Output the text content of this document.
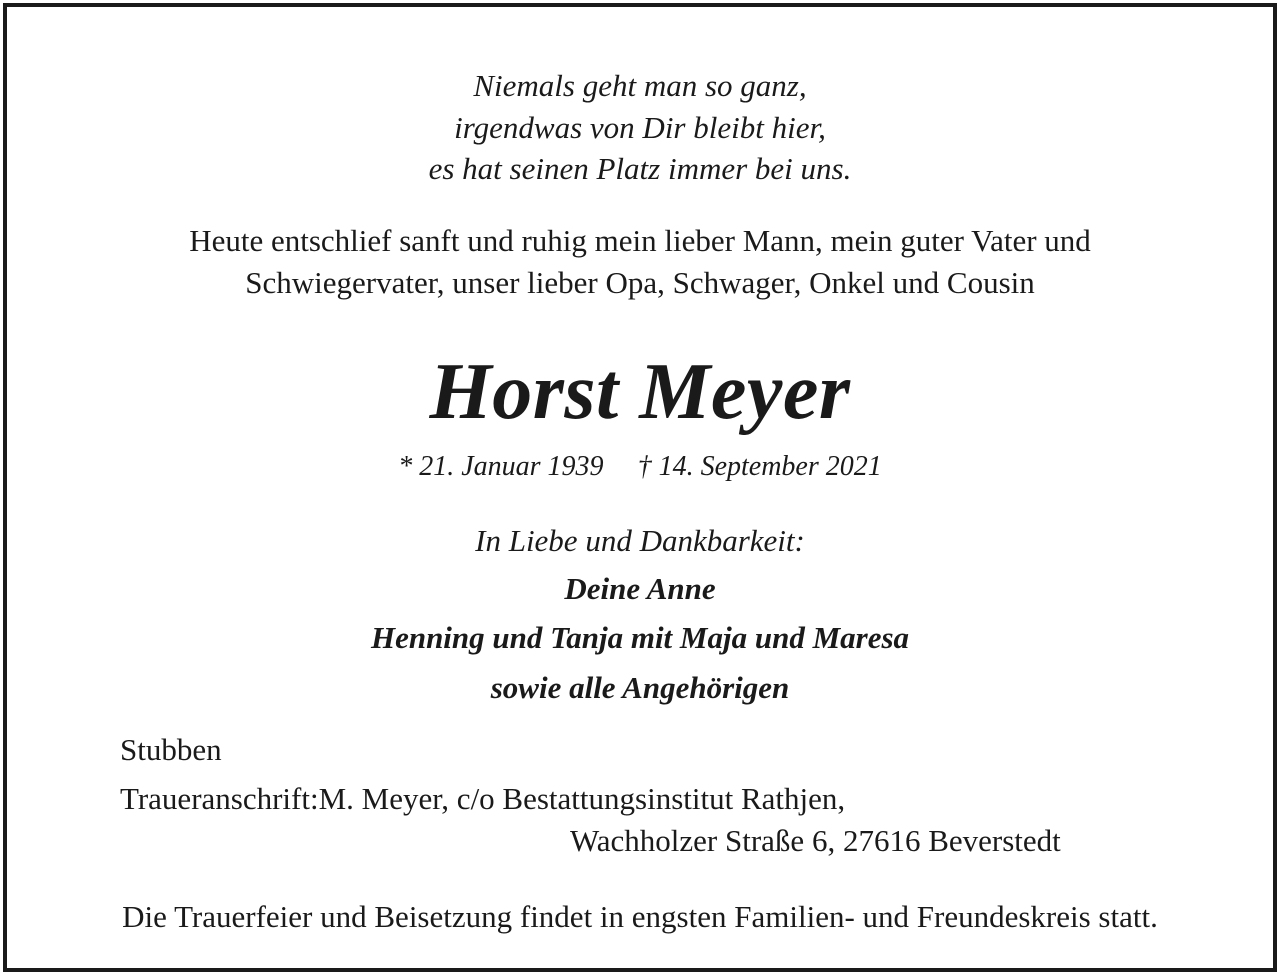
Niemals geht man so ganz,

irgendwas von Dir bleibt hier,

es hat seinen Platz immer bei uns.

Heute entschlief sanft und ruhig mein lieber Mann, mein guter Vater und

Schwiegervater, unser lieber Opa, Schwager, Onkel und Cousin

Horst Meyer

* 21. Januar 1939 † 14. September 2021

In Liebe und Dankbarkeit:

Deine Anne

Henning und Tanja mit Maja und Maresa

sowie alle Angehörigen

Stubben

Traueranschrift:M. Meyer, c/o Bestattungsinstitut Rathjen,

Wachholzer Straße 6, 27616 Beverstedt

Die Trauerfeier und Beisetzung findet in engsten Familien- und Freundeskreis statt.
